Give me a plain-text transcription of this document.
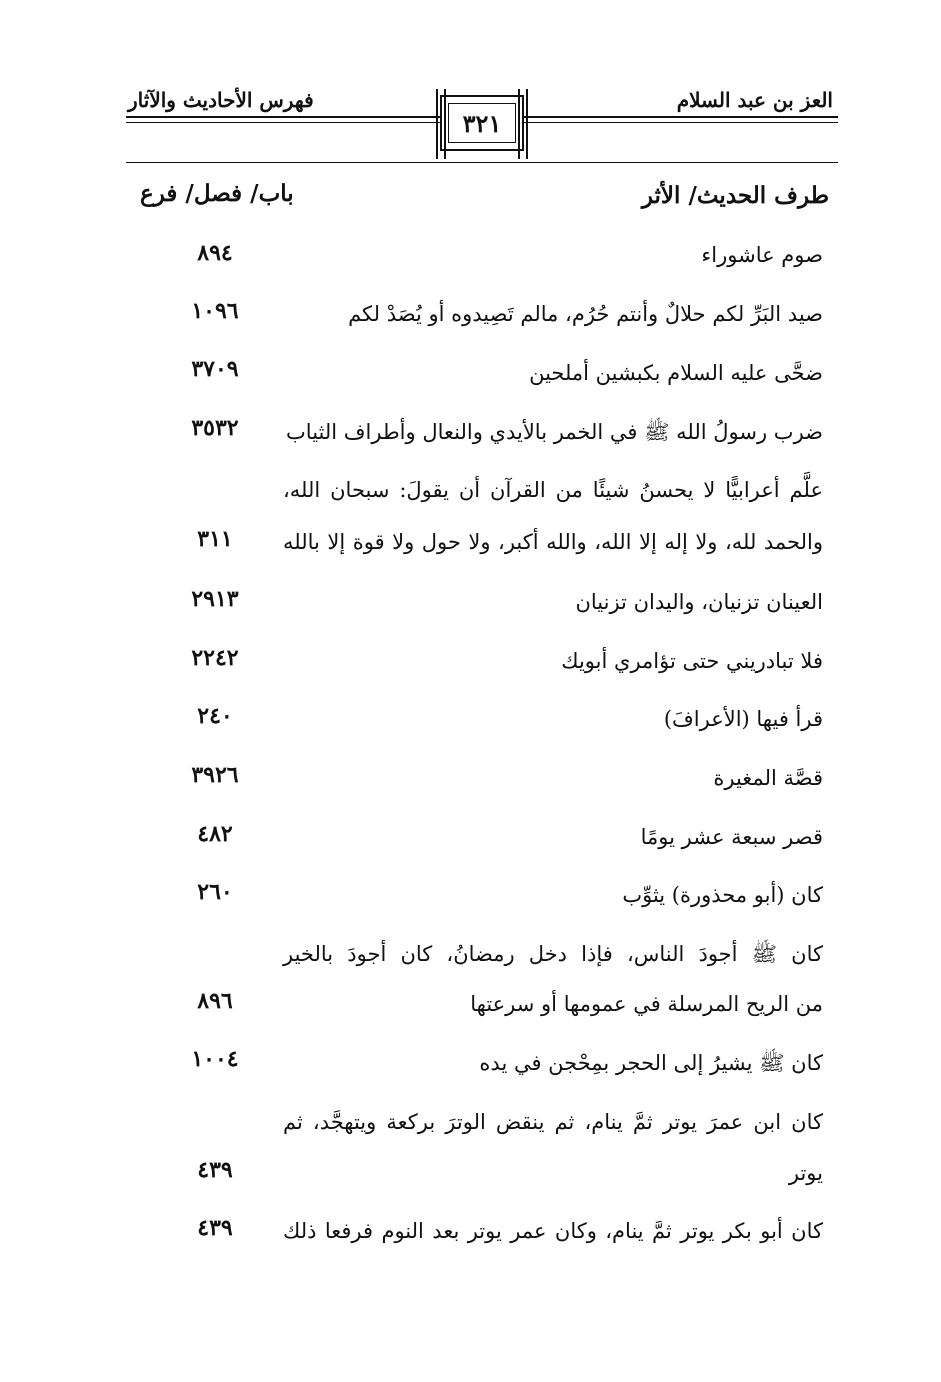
العز بن عبد السلام
فهرس الأحاديث والآثار
٣٢١
طرف الحديث/ الأثر
باب/ فصل/ فرع
صوم عاشوراء
٨٩٤
صيد البَرِّ لكم حلالٌ وأنتم حُرُم، مالم تَصِيدوه أو يُصَدْ لكم
١٠٩٦
ضحَّى عليه السلام بكبشين أملحين
٣٧٠٩
ضرب رسولُ الله ﷺ في الخمر بالأيدي والنعال وأطراف الثياب
٣٥٣٢
علَّم أعرابيًّا لا يحسنُ شيئًا من القرآن أن يقولَ: سبحان الله،
والحمد لله، ولا إله إلا الله، والله أكبر، ولا حول ولا قوة إلا بالله
٣١١
العينان تزنيان، واليدان تزنيان
٢٩١٣
فلا تبادريني حتى تؤامري أبويك
٢٢٤٢
قرأ فيها (الأعرافَ)
٢٤٠
قصَّة المغيرة
٣٩٢٦
قصر سبعة عشر يومًا
٤٨٢
كان (أبو محذورة) يثوِّب
٢٦٠
كان ﷺ أجودَ الناس، فإذا دخل رمضانُ، كان أجودَ بالخير
من الريح المرسلة في عمومها أو سرعتها
٨٩٦
كان ﷺ يشيرُ إلى الحجر بمِحْجن في يده
١٠٠٤
كان ابن عمرَ يوتر ثمَّ ينام، ثم ينقض الوترَ بركعة ويتهجَّد، ثم
يوتر
٤٣٩
كان أبو بكر يوتر ثمَّ ينام، وكان عمر يوتر بعد النوم فرفعا ذلك
٤٣٩
